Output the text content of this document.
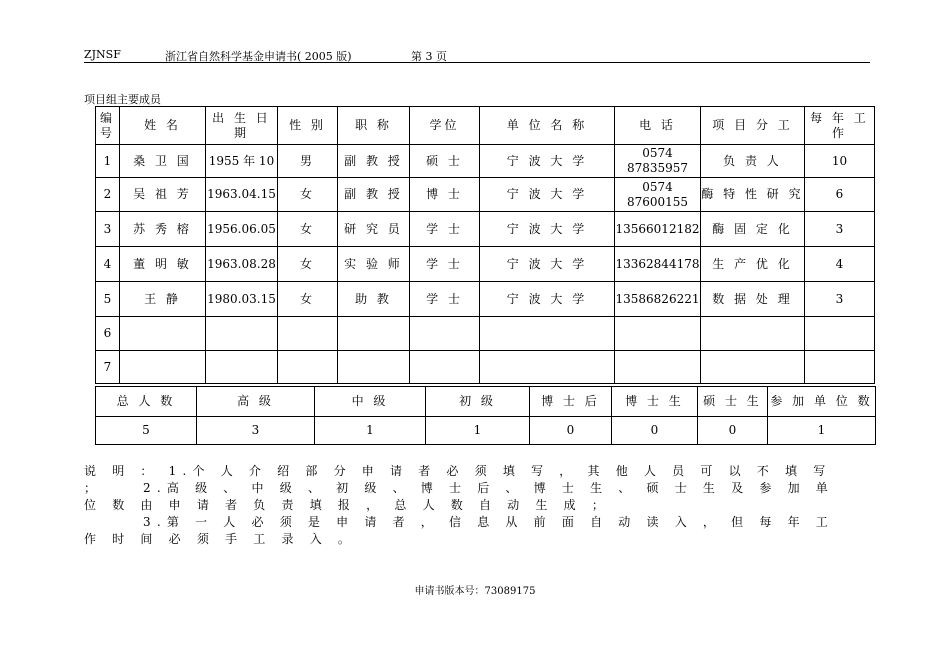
ZJNSF	浙江省自然科学基金申请书( 2005 版)	第 3 页
项目组主要成员
编号	姓 名	出 生 日 期	性 别	职 称	学位	单 位 名 称	电 话	项 目 分 工	每 年 工 作
1	桑 卫 国	1955 年 10	男	副 教 授	硕 士	宁 波 大 学	0574 87835957	负 责 人	10
2	吴 祖 芳	1963.04.15	女	副 教 授	博 士	宁 波 大 学	0574 87600155	酶 特 性 研 究	6
3	苏 秀 榕	1956.06.05	女	研 究 员	学 士	宁 波 大 学	13566012182	酶 固 定 化	3
4	董 明 敏	1963.08.28	女	实 验 师	学 士	宁 波 大 学	13362844178	生 产 优 化	4
5	王 静	1980.03.15	女	助 教	学 士	宁 波 大 学	13586826221	数 据 处 理	3
6									
7									
总 人 数	高 级	中 级	初 级	博 士 后	博 士 生	硕 士 生	参 加 单 位 数
5	3	1	1	0	0	0	1
说 明 ： 1.个 人 介 绍 部 分 申 请 者 必 须 填 写 ， 其 他 人 员 可 以 不 填 写 ；	2.高 级 、 中 级 、 初 级 、 博 士 后 、 博 士 生 、 硕 士 生 及 参 加 单 位 数 由 申 请 者 负 责 填 报 ， 总 人 数 自 动 生 成 ；
3.第 一 人 必 须 是 申 请 者 ， 信 息 从 前 面 自 动 读 入 ， 但 每 年 工 作 时 间 必 须 手 工 录 入 。
申请书版本号：73089175
